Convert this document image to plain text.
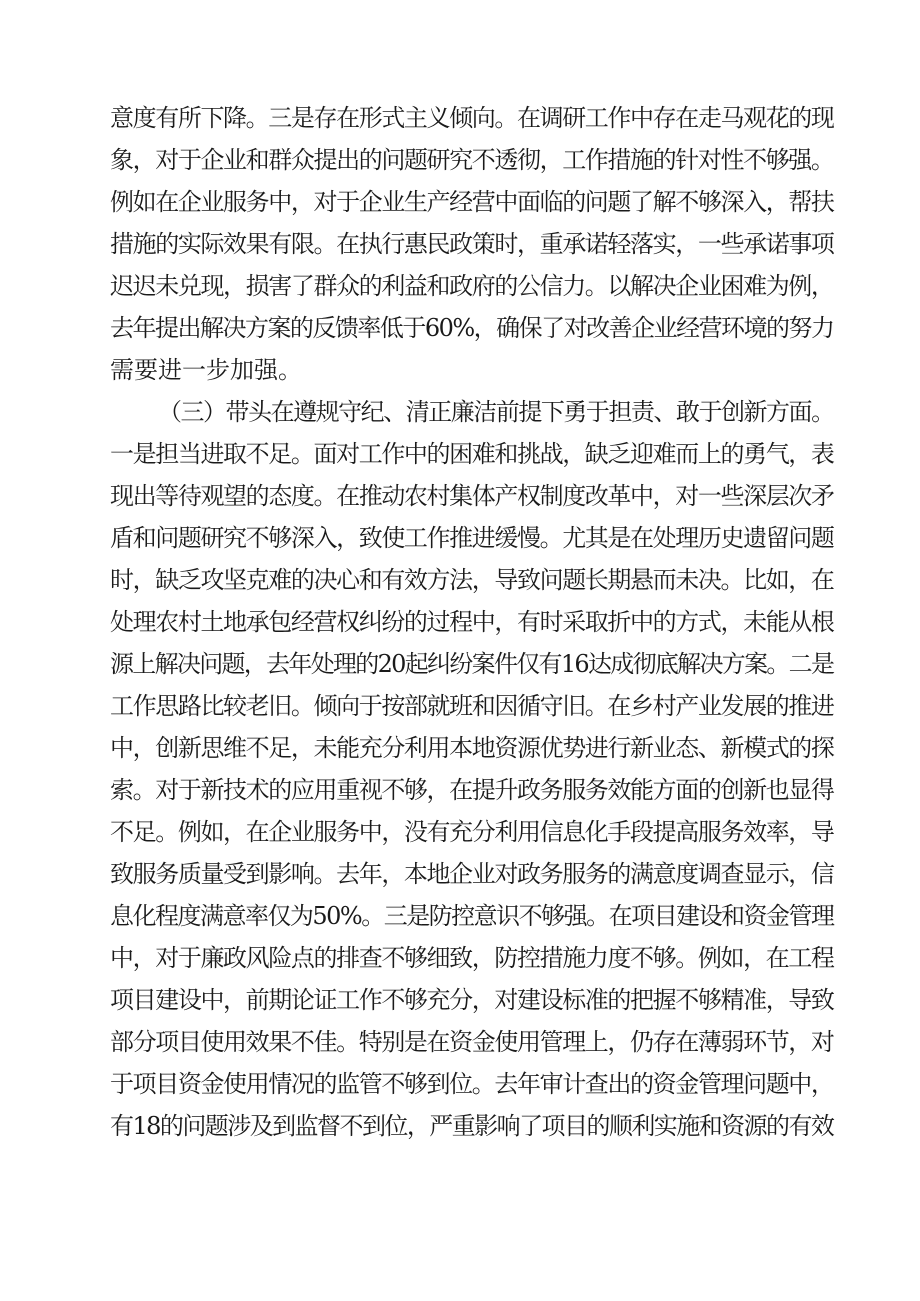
意度有所下降。三是存在形式主义倾向。在调研工作中存在走马观花的现
象，对于企业和群众提出的问题研究不透彻，工作措施的针对性不够强。
例如在企业服务中，对于企业生产经营中面临的问题了解不够深入，帮扶
措施的实际效果有限。在执行惠民政策时，重承诺轻落实，一些承诺事项
迟迟未兑现，损害了群众的利益和政府的公信力。以解决企业困难为例，
去年提出解决方案的反馈率低于60%，确保了对改善企业经营环境的努力
需要进一步加强。
（三）带头在遵规守纪、清正廉洁前提下勇于担责、敢于创新方面。
一是担当进取不足。面对工作中的困难和挑战，缺乏迎难而上的勇气，表
现出等待观望的态度。在推动农村集体产权制度改革中，对一些深层次矛
盾和问题研究不够深入，致使工作推进缓慢。尤其是在处理历史遗留问题
时，缺乏攻坚克难的决心和有效方法，导致问题长期悬而未决。比如，在
处理农村土地承包经营权纠纷的过程中，有时采取折中的方式，未能从根
源上解决问题，去年处理的20起纠纷案件仅有16达成彻底解决方案。二是
工作思路比较老旧。倾向于按部就班和因循守旧。在乡村产业发展的推进
中，创新思维不足，未能充分利用本地资源优势进行新业态、新模式的探
索。对于新技术的应用重视不够，在提升政务服务效能方面的创新也显得
不足。例如，在企业服务中，没有充分利用信息化手段提高服务效率，导
致服务质量受到影响。去年，本地企业对政务服务的满意度调查显示，信
息化程度满意率仅为50%。三是防控意识不够强。在项目建设和资金管理
中，对于廉政风险点的排查不够细致，防控措施力度不够。例如，在工程
项目建设中，前期论证工作不够充分，对建设标准的把握不够精准，导致
部分项目使用效果不佳。特别是在资金使用管理上，仍存在薄弱环节，对
于项目资金使用情况的监管不够到位。去年审计查出的资金管理问题中，
有18的问题涉及到监督不到位，严重影响了项目的顺利实施和资源的有效
